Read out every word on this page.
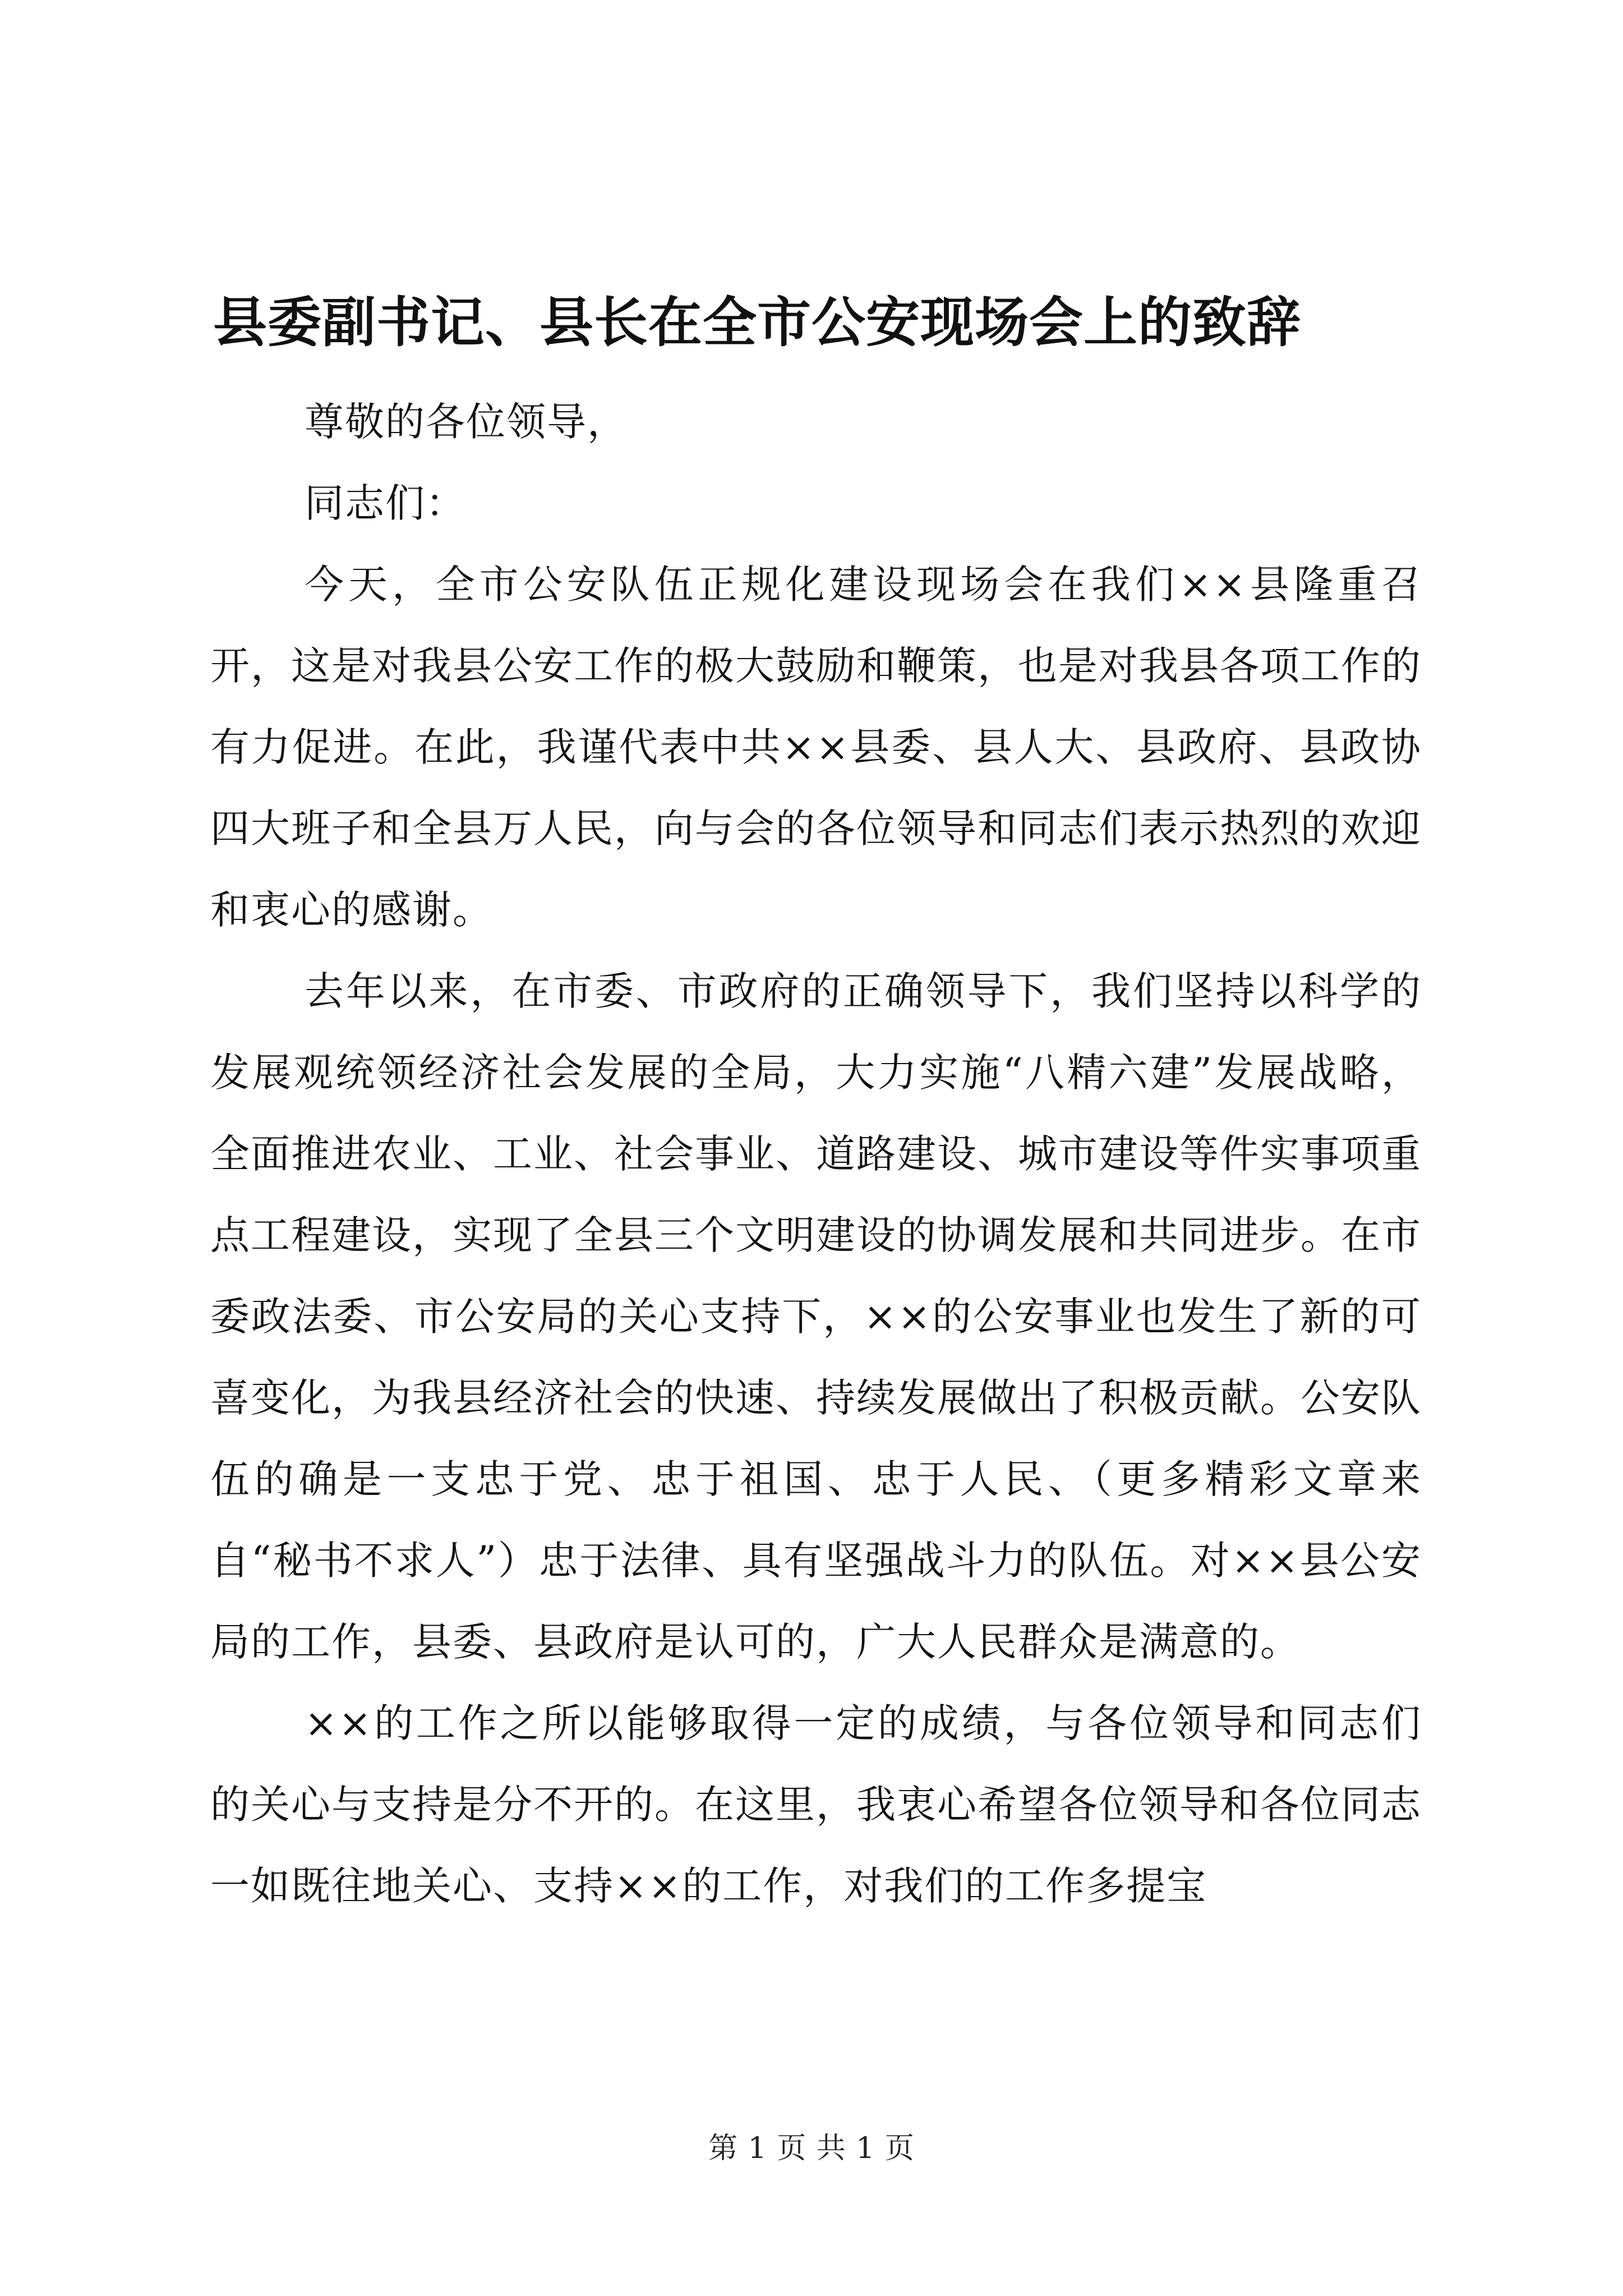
县委副书记、县长在全市公安现场会上的致辞

尊敬的各位领导，

同志们：

今天，全市公安队伍正规化建设现场会在我们××县隆重召开，这是对我县公安工作的极大鼓励和鞭策，也是对我县各项工作的有力促进。在此，我谨代表中共××县委、县人大、县政府、县政协四大班子和全县万人民，向与会的各位领导和同志们表示热烈的欢迎和衷心的感谢。

去年以来，在市委、市政府的正确领导下，我们坚持以科学的发展观统领经济社会发展的全局，大力实施“八精六建”发展战略，全面推进农业、工业、社会事业、道路建设、城市建设等件实事项重点工程建设，实现了全县三个文明建设的协调发展和共同进步。在市委政法委、市公安局的关心支持下，××的公安事业也发生了新的可喜变化，为我县经济社会的快速、持续发展做出了积极贡献。公安队伍的确是一支忠于党、忠于祖国、忠于人民、（更多精彩文章来自“秘书不求人”）忠于法律、具有坚强战斗力的队伍。对××县公安局的工作，县委、县政府是认可的，广大人民群众是满意的。

××的工作之所以能够取得一定的成绩，与各位领导和同志们的关心与支持是分不开的。在这里，我衷心希望各位领导和各位同志一如既往地关心、支持××的工作，对我们的工作多提宝

第 1 页 共 1 页
